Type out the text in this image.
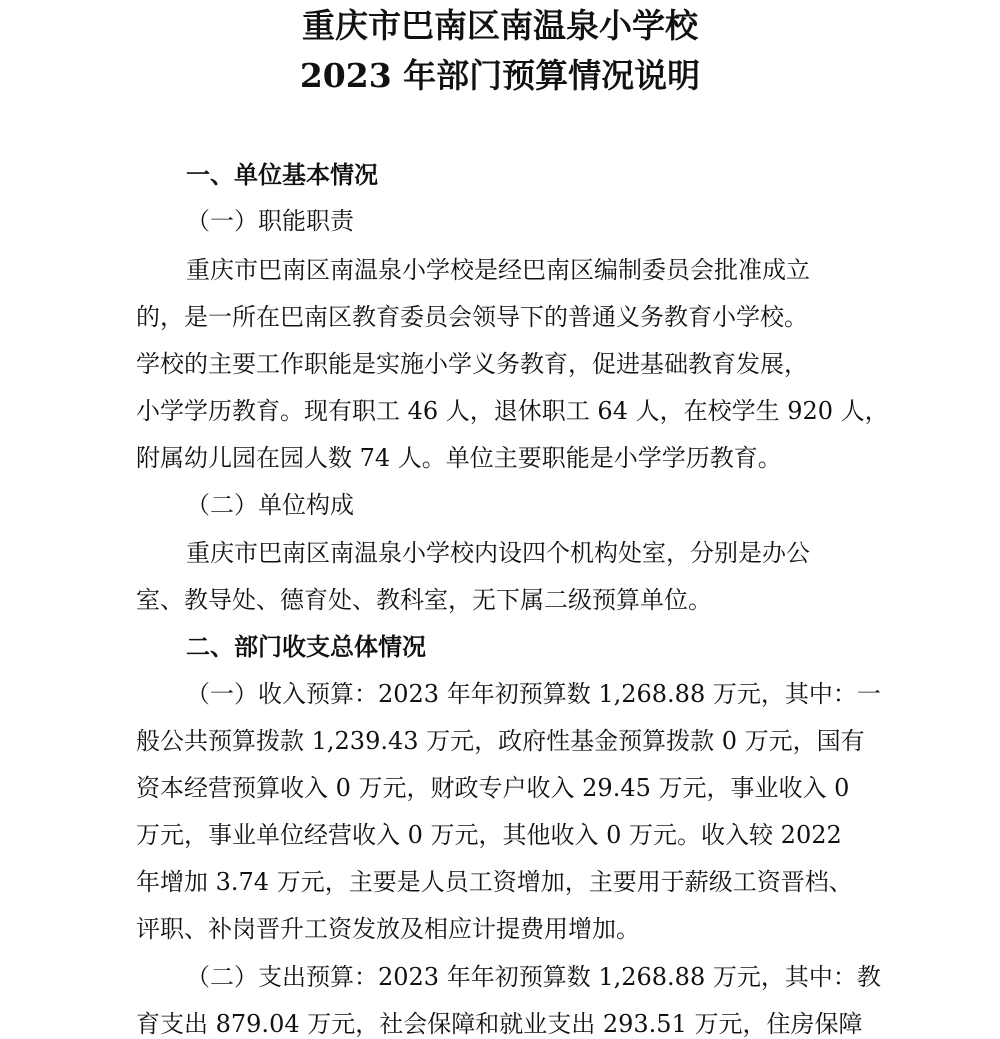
重庆市巴南区南温泉小学校
2023 年部门预算情况说明

一、单位基本情况

（一）职能职责

重庆市巴南区南温泉小学校是经巴南区编制委员会批准成立

的，是一所在巴南区教育委员会领导下的普通义务教育小学校。

学校的主要工作职能是实施小学义务教育，促进基础教育发展，

小学学历教育。现有职工 46 人，退休职工 64 人，在校学生 920 人，

附属幼儿园在园人数 74 人。单位主要职能是小学学历教育。

（二）单位构成

重庆市巴南区南温泉小学校内设四个机构处室，分别是办公

室、教导处、德育处、教科室，无下属二级预算单位。

二、部门收支总体情况

（一）收入预算：2023 年年初预算数 1,268.88 万元，其中：一

般公共预算拨款 1,239.43 万元，政府性基金预算拨款 0 万元，国有

资本经营预算收入 0 万元，财政专户收入 29.45 万元，事业收入 0

万元，事业单位经营收入 0 万元，其他收入 0 万元。收入较 2022

年增加 3.74 万元，主要是人员工资增加，主要用于薪级工资晋档、

评职、补岗晋升工资发放及相应计提费用增加。

（二）支出预算：2023 年年初预算数 1,268.88 万元，其中：教

育支出 879.04 万元，社会保障和就业支出 293.51 万元，住房保障
